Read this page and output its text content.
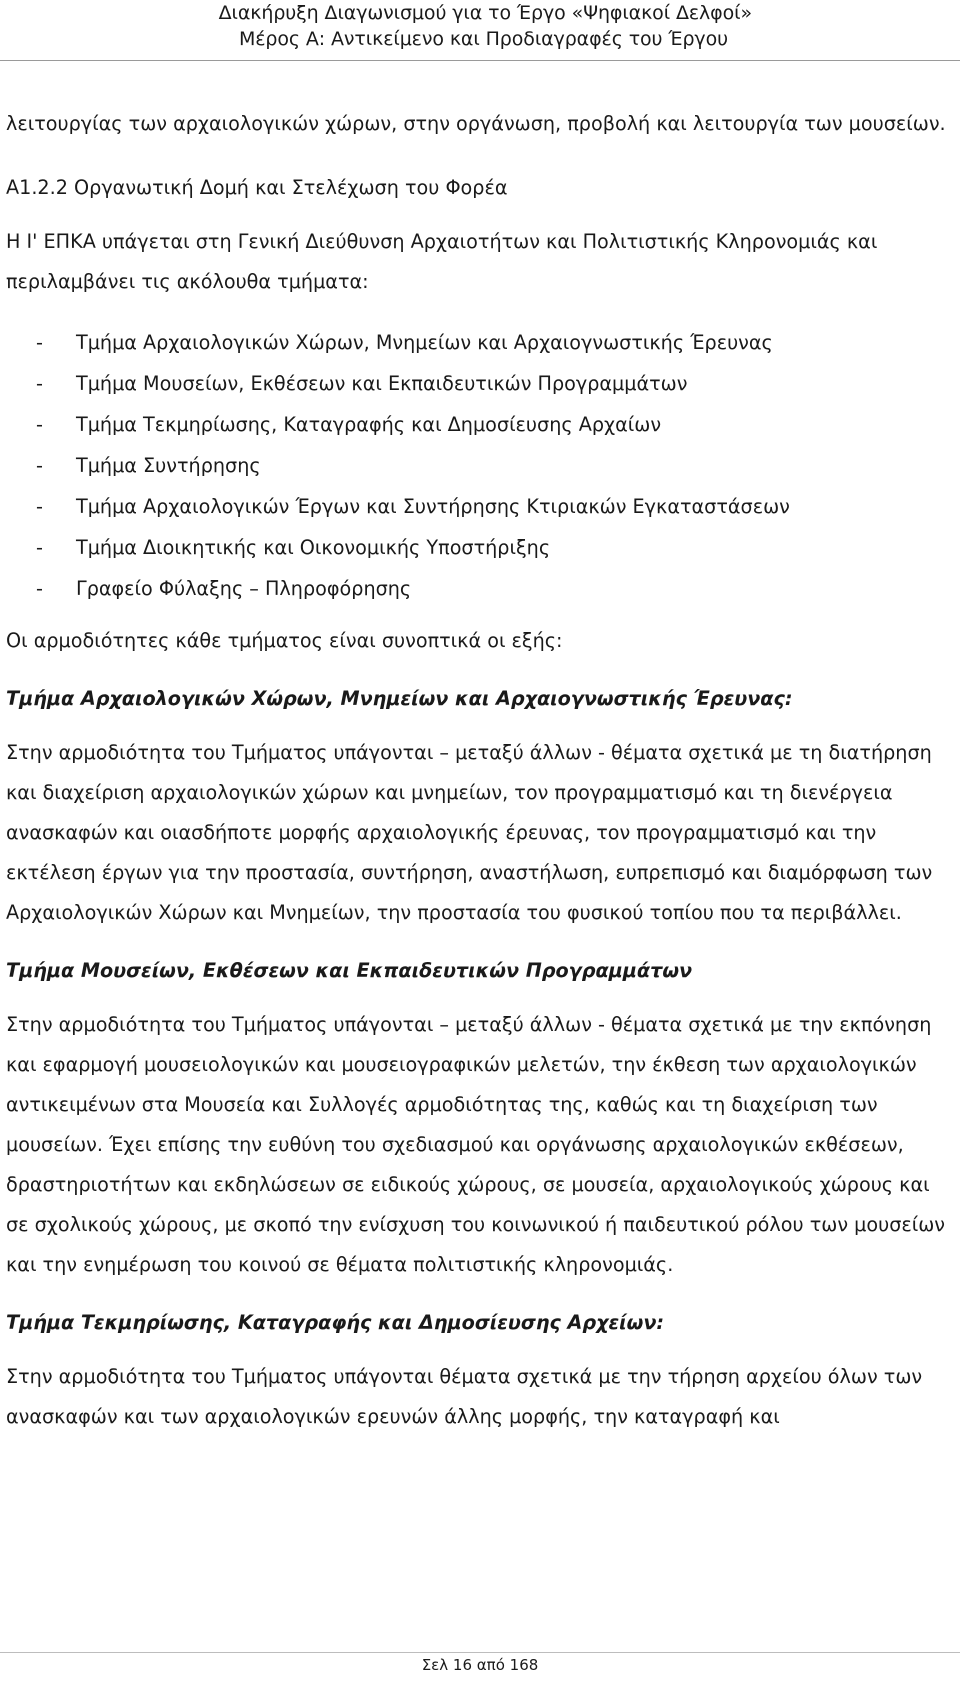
Διακήρυξη Διαγωνισμού για το Έργο «Ψηφιακοί Δελφοί»
Μέρος Α: Αντικείμενο και Προδιαγραφές του Έργου

λειτουργίας των αρχαιολογικών χώρων, στην οργάνωση, προβολή και λειτουργία των μουσείων.

Α1.2.2 Οργανωτική Δομή και Στελέχωση του Φορέα

Η Ι' ΕΠΚΑ υπάγεται στη Γενική Διεύθυνση Αρχαιοτήτων και Πολιτιστικής Κληρονομιάς και περιλαμβάνει τις ακόλουθα τμήματα:

-	Τμήμα Αρχαιολογικών Χώρων, Μνημείων και Αρχαιογνωστικής Έρευνας
-	Τμήμα Μουσείων, Εκθέσεων και Εκπαιδευτικών Προγραμμάτων
-	Τμήμα Τεκμηρίωσης, Καταγραφής και Δημοσίευσης Αρχαίων
-	Τμήμα Συντήρησης
-	Τμήμα Αρχαιολογικών Έργων και Συντήρησης Κτιριακών Εγκαταστάσεων
-	Τμήμα Διοικητικής και Οικονομικής Υποστήριξης
-	Γραφείο Φύλαξης – Πληροφόρησης

Οι αρμοδιότητες κάθε τμήματος είναι συνοπτικά οι εξής:

Τμήμα Αρχαιολογικών Χώρων, Μνημείων και Αρχαιογνωστικής Έρευνας:

Στην αρμοδιότητα του Τμήματος υπάγονται – μεταξύ άλλων - θέματα σχετικά με τη διατήρηση και διαχείριση αρχαιολογικών χώρων και μνημείων, τον προγραμματισμό και τη διενέργεια ανασκαφών και οιασδήποτε μορφής αρχαιολογικής έρευνας, τον προγραμματισμό και την εκτέλεση έργων για την προστασία, συντήρηση, αναστήλωση, ευπρεπισμό και διαμόρφωση των Αρχαιολογικών Χώρων και Μνημείων, την προστασία του φυσικού τοπίου που τα περιβάλλει.

Τμήμα Μουσείων, Εκθέσεων και Εκπαιδευτικών Προγραμμάτων

Στην αρμοδιότητα του Τμήματος υπάγονται – μεταξύ άλλων - θέματα σχετικά με την εκπόνηση και εφαρμογή μουσειολογικών και μουσειογραφικών μελετών, την έκθεση των αρχαιολογικών αντικειμένων στα Μουσεία και Συλλογές αρμοδιότητας της, καθώς και τη διαχείριση των μουσείων. Έχει επίσης την ευθύνη του σχεδιασμού και οργάνωσης αρχαιολογικών εκθέσεων, δραστηριοτήτων και εκδηλώσεων σε ειδικούς χώρους, σε μουσεία, αρχαιολογικούς χώρους και σε σχολικούς χώρους, με σκοπό την ενίσχυση του κοινωνικού ή παιδευτικού ρόλου των μουσείων και την ενημέρωση του κοινού σε θέματα πολιτιστικής κληρονομιάς.

Τμήμα Τεκμηρίωσης, Καταγραφής και Δημοσίευσης Αρχείων:

Στην αρμοδιότητα του Τμήματος υπάγονται θέματα σχετικά με την τήρηση αρχείου όλων των ανασκαφών και των αρχαιολογικών ερευνών άλλης μορφής, την καταγραφή και

Σελ 16 από 168
